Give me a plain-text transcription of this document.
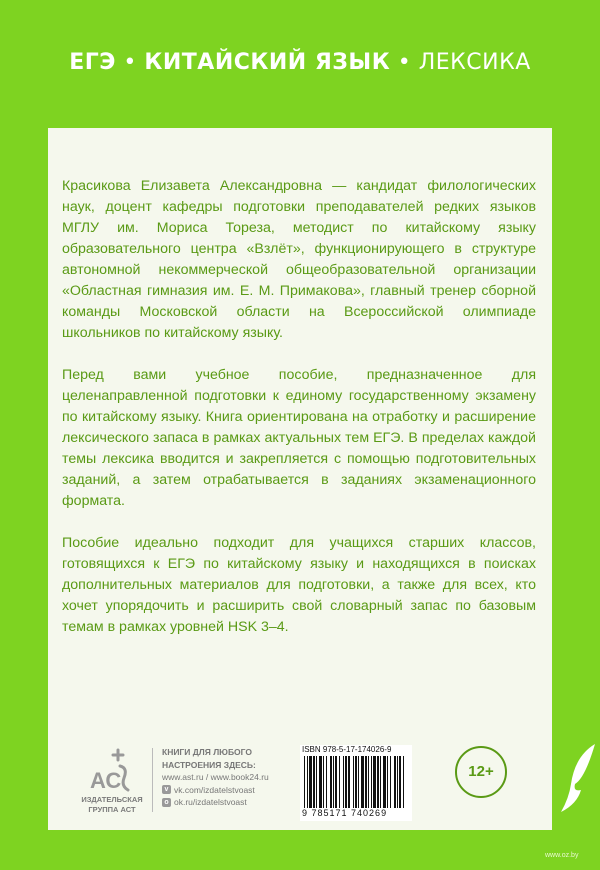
ЕГЭ • КИТАЙСКИЙ ЯЗЫК • ЛЕКСИКА
Красикова Елизавета Александровна — кандидат филологических наук, доцент кафедры подготовки преподавателей редких языков МГЛУ им. Мориса Тореза, методист по китайскому языку образовательного центра «Взлёт», функционирующего в структуре автономной некоммерческой общеобразовательной организации «Областная гимназия им. Е. М. Примакова», главный тренер сборной команды Московской области на Всероссийской олимпиаде школьников по китайскому языку.
Перед вами учебное пособие, предназначенное для целенаправленной подготовки к единому государственному экзамену по китайскому языку. Книга ориентирована на отработку и расширение лексического запаса в рамках актуальных тем ЕГЭ. В пределах каждой темы лексика вводится и закрепляется с помощью подготовительных заданий, а затем отрабатывается в заданиях экзаменационного формата.
Пособие идеально подходит для учащихся старших классов, готовящихся к ЕГЭ по китайскому языку и находящихся в поисках дополнительных материалов для подготовки, а также для всех, кто хочет упорядочить и расширить свой словарный запас по базовым темам в рамках уровней HSK 3–4.
АС
ИЗДАТЕЛЬСКАЯ
ГРУППА АСТ
КНИГИ ДЛЯ ЛЮБОГО
НАСТРОЕНИЯ ЗДЕСЬ:
www.ast.ru / www.book24.ru
v vk.com/izdatelstvoast
o ok.ru/izdatelstvoast
ISBN 978-5-17-174026-9
9 785171 740269
12+
www.oz.by
